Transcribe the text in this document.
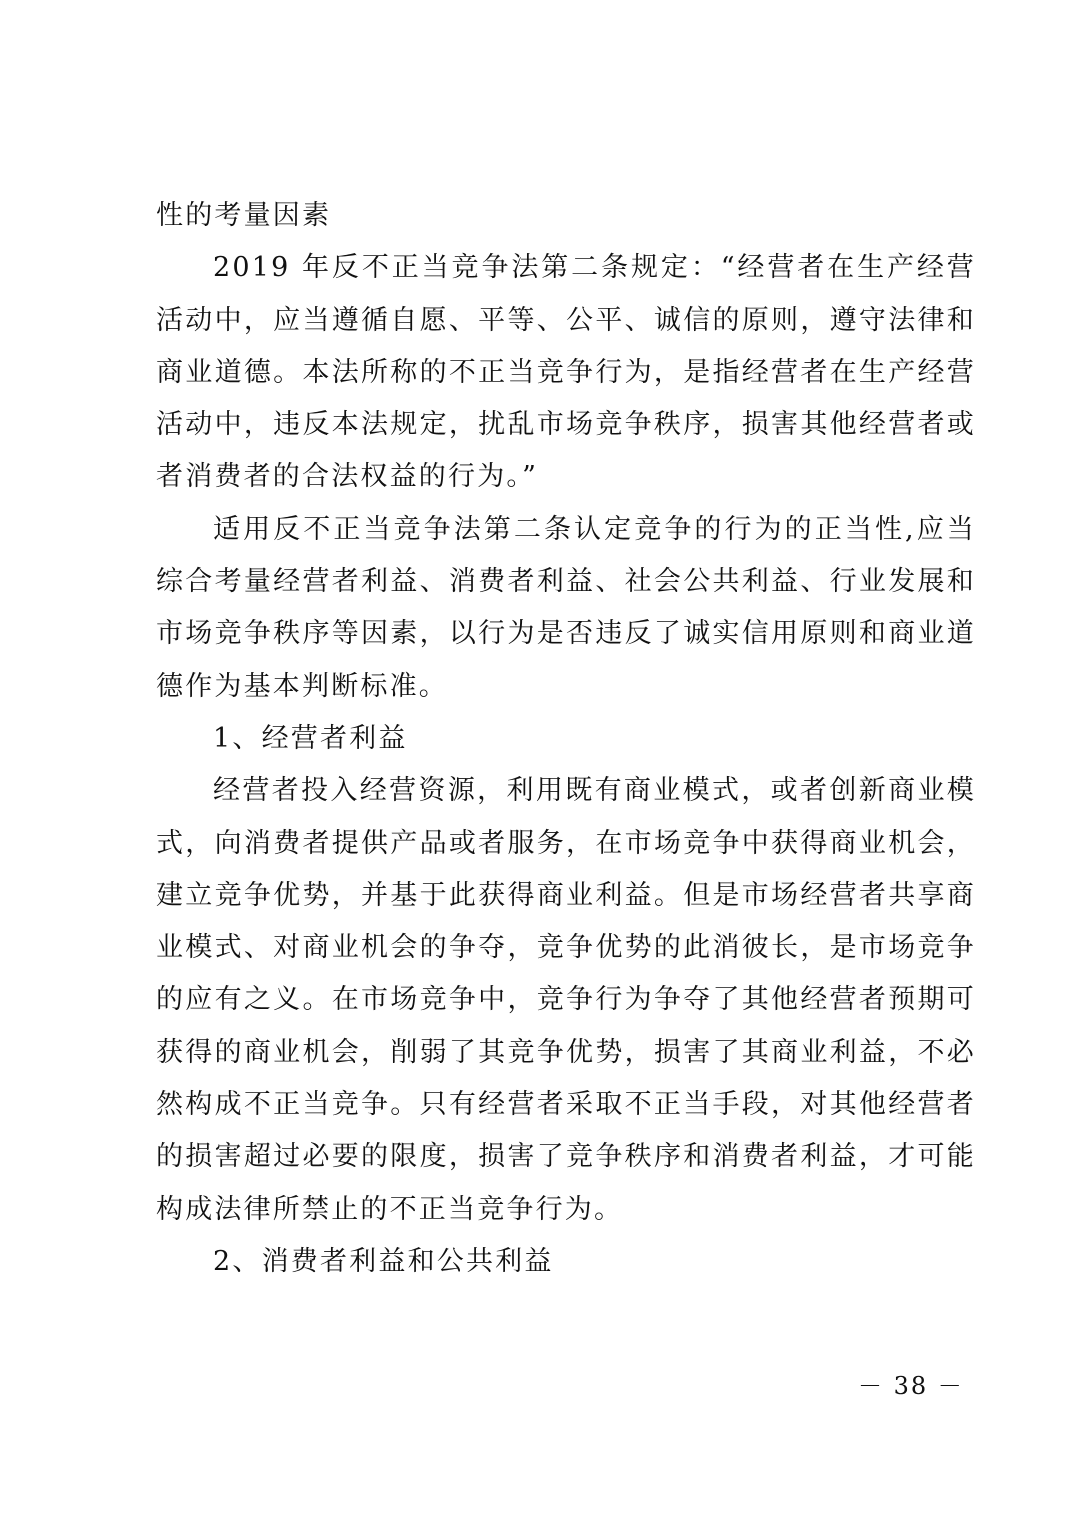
性的考量因素

2019 年反不正当竞争法第二条规定：“经营者在生产经营活动中，应当遵循自愿、平等、公平、诚信的原则，遵守法律和商业道德。本法所称的不正当竞争行为，是指经营者在生产经营活动中，违反本法规定，扰乱市场竞争秩序，损害其他经营者或者消费者的合法权益的行为。”

适用反不正当竞争法第二条认定竞争的行为的正当性,应当综合考量经营者利益、消费者利益、社会公共利益、行业发展和市场竞争秩序等因素，以行为是否违反了诚实信用原则和商业道德作为基本判断标准。

1、经营者利益

经营者投入经营资源，利用既有商业模式，或者创新商业模式，向消费者提供产品或者服务，在市场竞争中获得商业机会，建立竞争优势，并基于此获得商业利益。但是市场经营者共享商业模式、对商业机会的争夺，竞争优势的此消彼长，是市场竞争的应有之义。在市场竞争中，竞争行为争夺了其他经营者预期可获得的商业机会，削弱了其竞争优势，损害了其商业利益，不必然构成不正当竞争。只有经营者采取不正当手段，对其他经营者的损害超过必要的限度，损害了竞争秩序和消费者利益，才可能构成法律所禁止的不正当竞争行为。

2、消费者利益和公共利益

－ 38 －
